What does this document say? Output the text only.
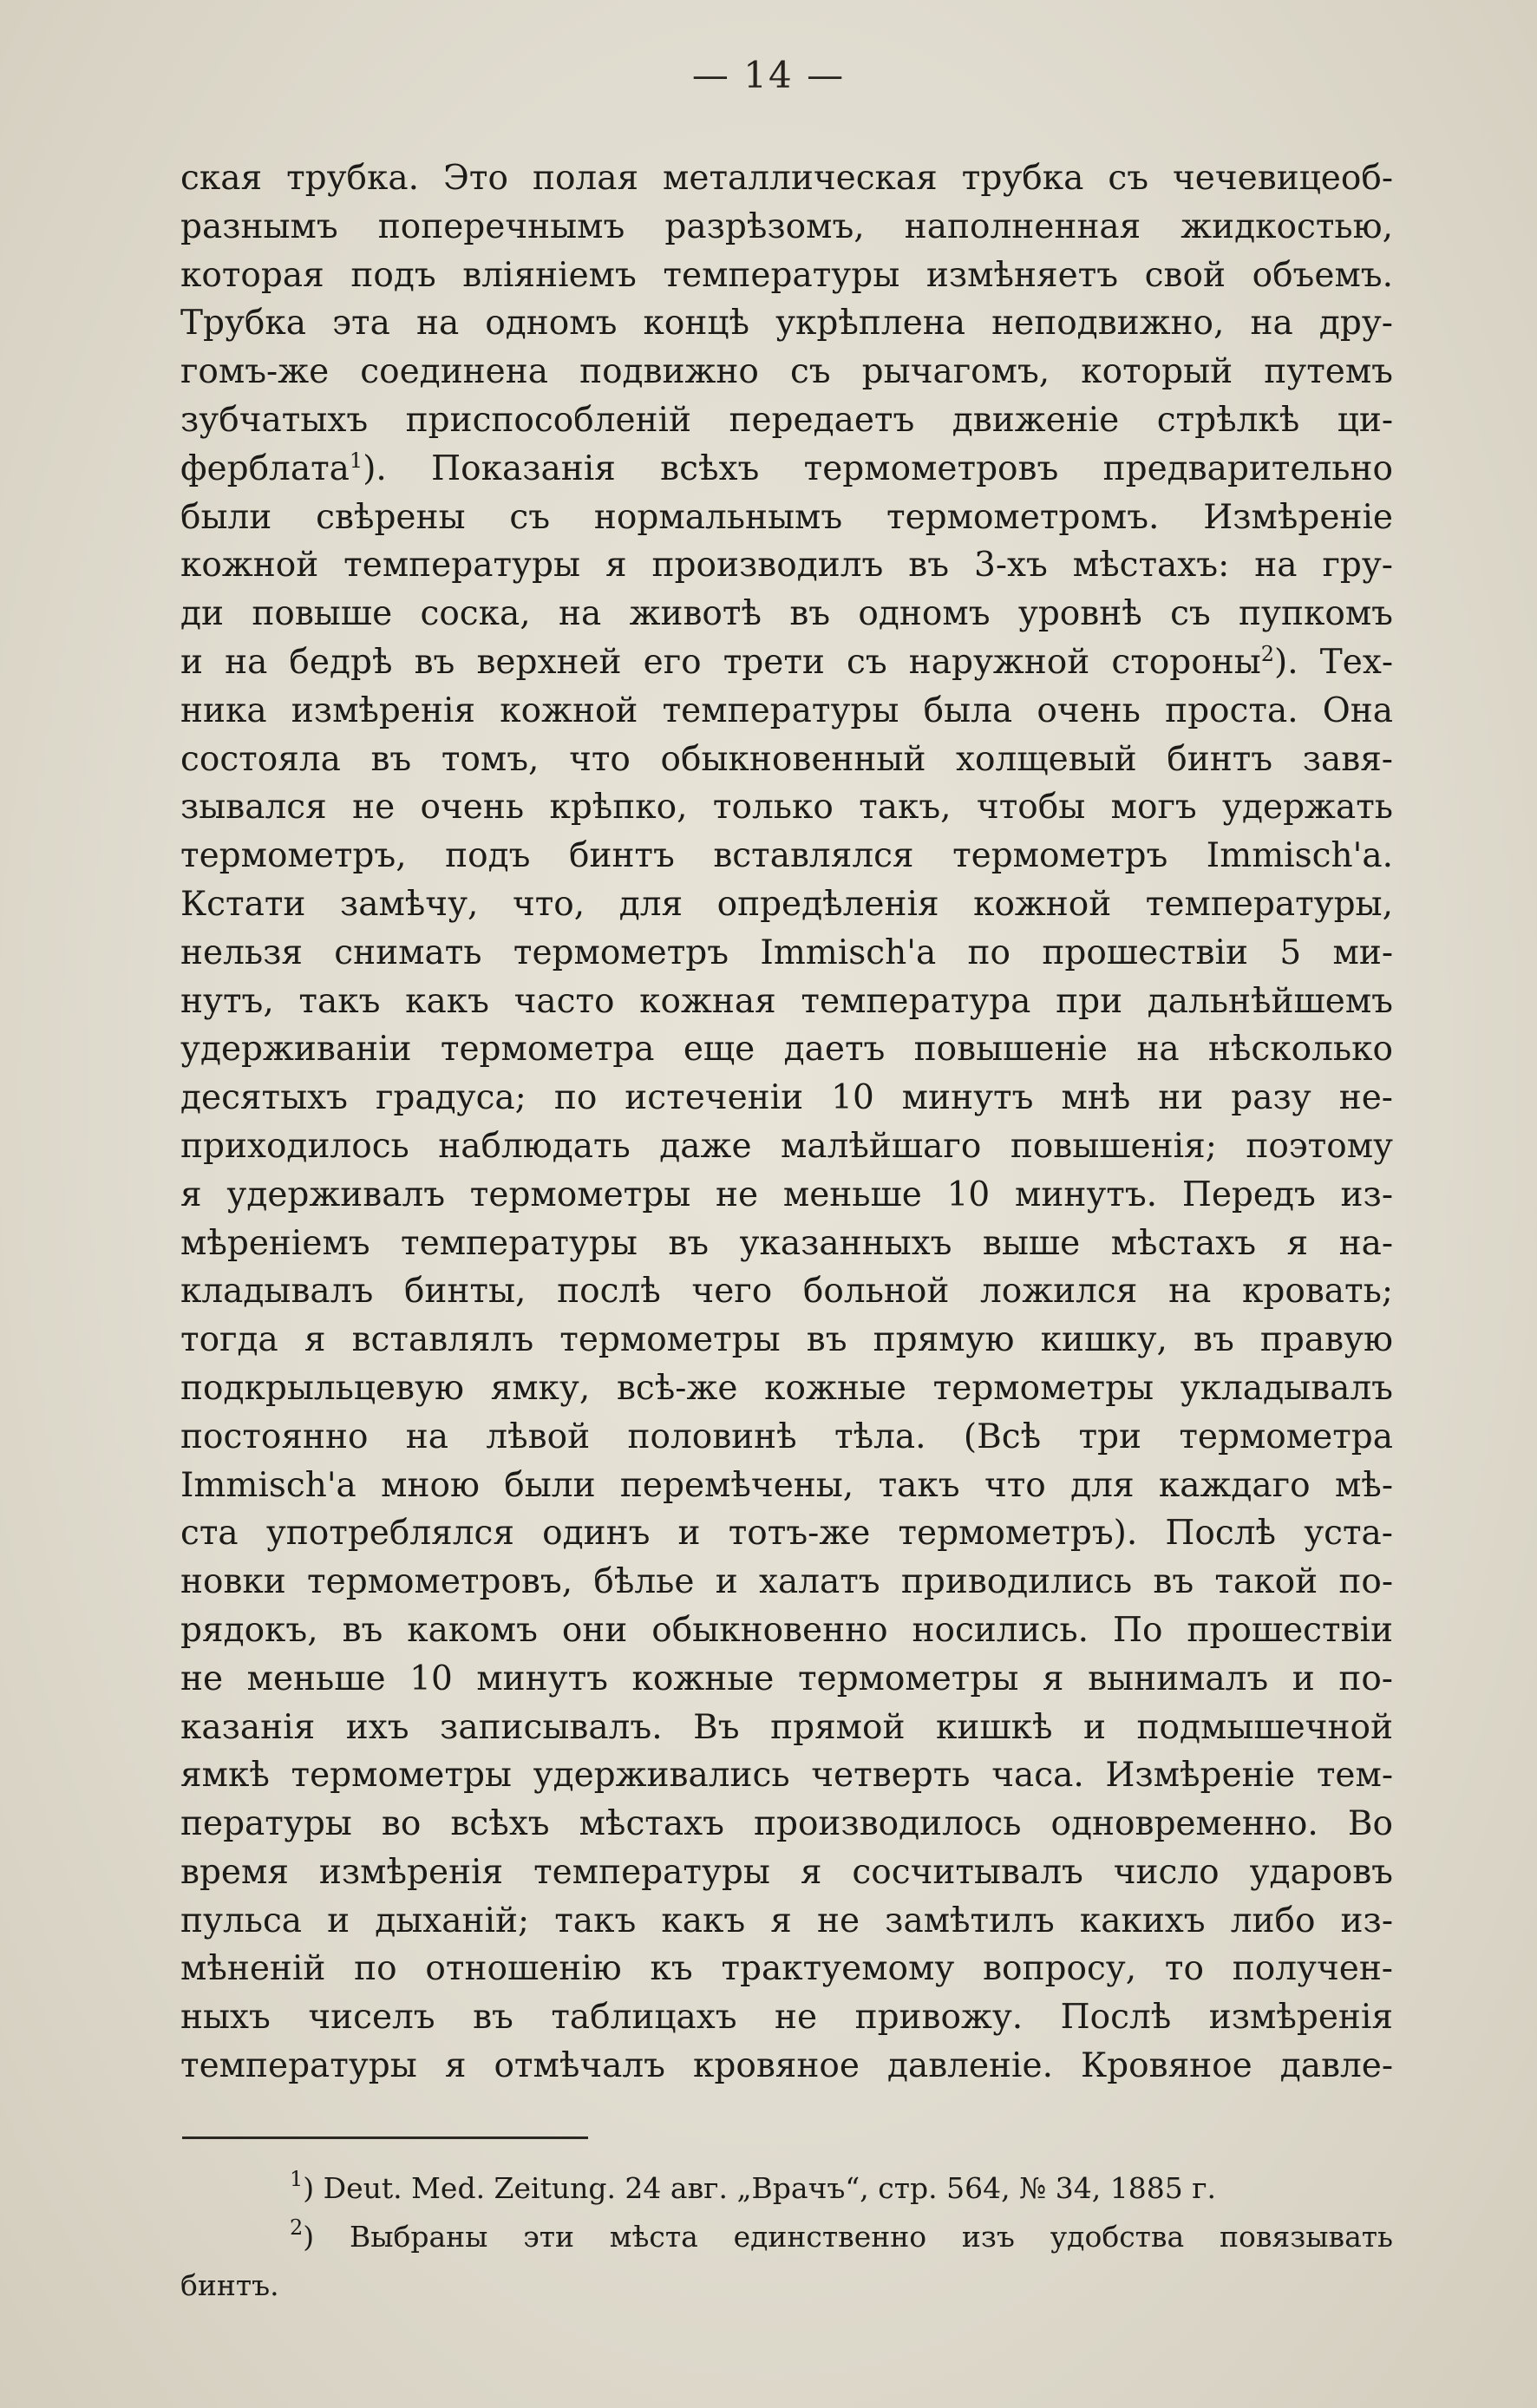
— 14 —
ская трубка. Это полая металлическая трубка съ чечевицеоб-
разнымъ поперечнымъ разрѣзомъ, наполненная жидкостью,
которая подъ вліяніемъ температуры измѣняетъ свой объемъ.
Трубка эта на одномъ концѣ укрѣплена неподвижно, на дру-
гомъ-же соединена подвижно съ рычагомъ, который путемъ
зубчатыхъ приспособленій передаетъ движеніе стрѣлкѣ ци-
ферблата$^1$). Показанія всѣхъ термометровъ предварительно
были свѣрены съ нормальнымъ термометромъ. Измѣреніе
кожной температуры я производилъ въ 3-хъ мѣстахъ: на гру-
ди повыше соска, на животѣ въ одномъ уровнѣ съ пупкомъ
и на бедрѣ въ верхней его трети съ наружной стороны$^2$). Тех-
ника измѣренія кожной температуры была очень проста. Она
состояла въ томъ, что обыкновенный холщевый бинтъ завя-
зывался не очень крѣпко, только такъ, чтобы могъ удержать
термометръ, подъ бинтъ вставлялся термометръ Immisch'а.
Кстати замѣчу, что, для опредѣленія кожной температуры,
нельзя снимать термометръ Immisch'а по прошествіи 5 ми-
нутъ, такъ какъ часто кожная температура при дальнѣйшемъ
удерживаніи термометра еще даетъ повышеніе на нѣсколько
десятыхъ градуса; по истеченіи 10 минутъ мнѣ ни разу не-
приходилось наблюдать даже малѣйшаго повышенія; поэтому
я удерживалъ термометры не меньше 10 минутъ. Передъ из-
мѣреніемъ температуры въ указанныхъ выше мѣстахъ я на-
кладывалъ бинты, послѣ чего больной ложился на кровать;
тогда я вставлялъ термометры въ прямую кишку, въ правую
подкрыльцевую ямку, всѣ-же кожные термометры укладывалъ
постоянно на лѣвой половинѣ тѣла. (Всѣ три термометра
Immisch'а мною были перемѣчены, такъ что для каждаго мѣ-
ста употреблялся одинъ и тотъ-же термометръ). Послѣ уста-
новки термометровъ, бѣлье и халатъ приводились въ такой по-
рядокъ, въ какомъ они обыкновенно носились. По прошествіи
не меньше 10 минутъ кожные термометры я вынималъ и по-
казанія ихъ записывалъ. Въ прямой кишкѣ и подмышечной
ямкѣ термометры удерживались четверть часа. Измѣреніе тем-
пературы во всѣхъ мѣстахъ производилось одновременно. Во
время измѣренія температуры я сосчитывалъ число ударовъ
пульса и дыханій; такъ какъ я не замѣтилъ какихъ либо из-
мѣненій по отношенію къ трактуемому вопросу, то получен-
ныхъ чиселъ въ таблицахъ не привожу. Послѣ измѣренія
температуры я отмѣчалъ кровяное давленіе. Кровяное давле-
$^1$) Deut. Med. Zeitung. 24 авг. „Врачъ“, стр. 564, № 34, 1885 г.
$^2$) Выбраны эти мѣста единственно изъ удобства повязывать
бинтъ.
